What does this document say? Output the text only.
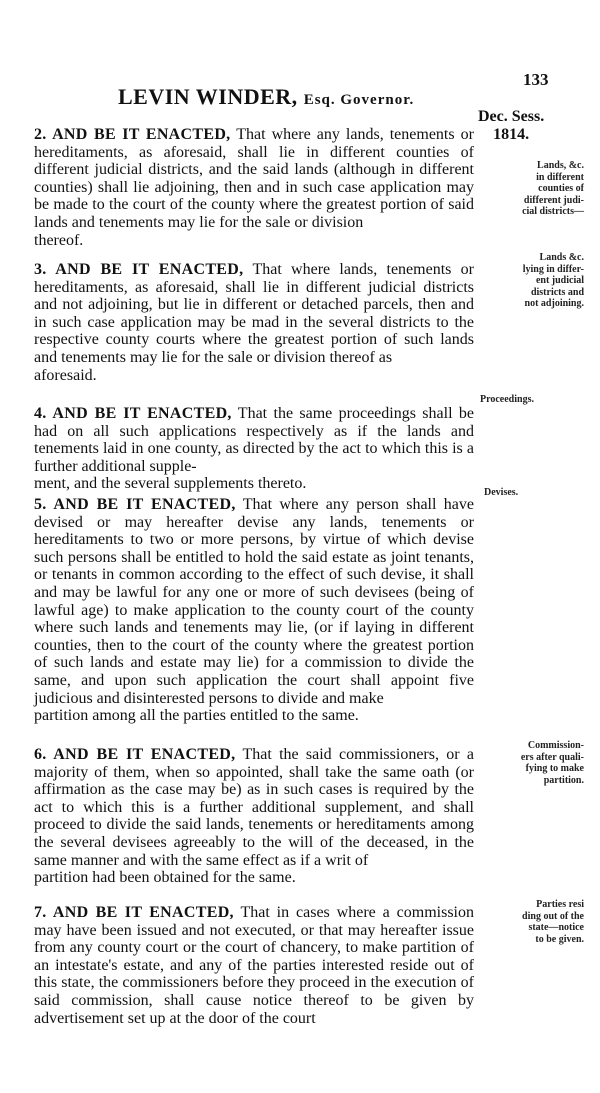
133
LEVIN WINDER, Esq. Governor.
Dec. Sess.
1814.

2. AND BE IT ENACTED, That where any lands, tenements or hereditaments, as aforesaid, shall lie in different counties of different judicial districts, and the said lands (although in different counties) shall lie adjoining, then and in such case application may be made to the court of the county where the greatest portion of said lands and tenements may lie for the sale or division

thereof.

3. AND BE IT ENACTED, That where lands, tenements or hereditaments, as aforesaid, shall lie in different judicial districts and not adjoining, but lie in different or detached parcels, then and in such case application may be mad in the several districts to the respective county courts where the greatest portion of such lands and tenements may lie for the sale or division thereof as

aforesaid.

4. AND BE IT ENACTED, That the same proceedings shall be had on all such applications respectively as if the lands and tenements laid in one county, as directed by the act to which this is a further additional supple-

ment, and the several supplements thereto.

5. AND BE IT ENACTED, That where any person shall have devised or may hereafter devise any lands, tenements or hereditaments to two or more persons, by virtue of which devise such persons shall be entitled to hold the said estate as joint tenants, or tenants in common according to the effect of such devise, it shall and may be lawful for any one or more of such devisees (being of lawful age) to make application to the county court of the county where such lands and tenements may lie, (or if laying in different counties, then to the court of the county where the greatest portion of such lands and estate may lie) for a commission to divide the same, and upon such application the court shall appoint five judicious and disinterested persons to divide and make

partition among all the parties entitled to the same.

6. AND BE IT ENACTED, That the said commissioners, or a majority of them, when so appointed, shall take the same oath (or affirmation as the case may be) as in such cases is required by the act to which this is a further additional supplement, and shall proceed to divide the said lands, tenements or hereditaments among the several devisees agreeably to the will of the deceased, in the same manner and with the same effect as if a writ of

partition had been obtained for the same.

7. AND BE IT ENACTED, That in cases where a commission may have been issued and not executed, or that may hereafter issue from any county court or the court of chancery, to make partition of an intestate's estate, and any of the parties interested reside out of this state, the commissioners before they proceed in the execution of said commission, shall cause notice thereof to be given by advertisement set up at the door of the court

Lands, &c.
in different
counties of
different judi-
cial districts—
Lands &c.
lying in differ-
ent judicial
districts and
not adjoining.
Proceedings.
Devises.
Commission-
ers after quali-
fying to make
partition.
Parties resi
ding out of the
state—notice
to be given.
